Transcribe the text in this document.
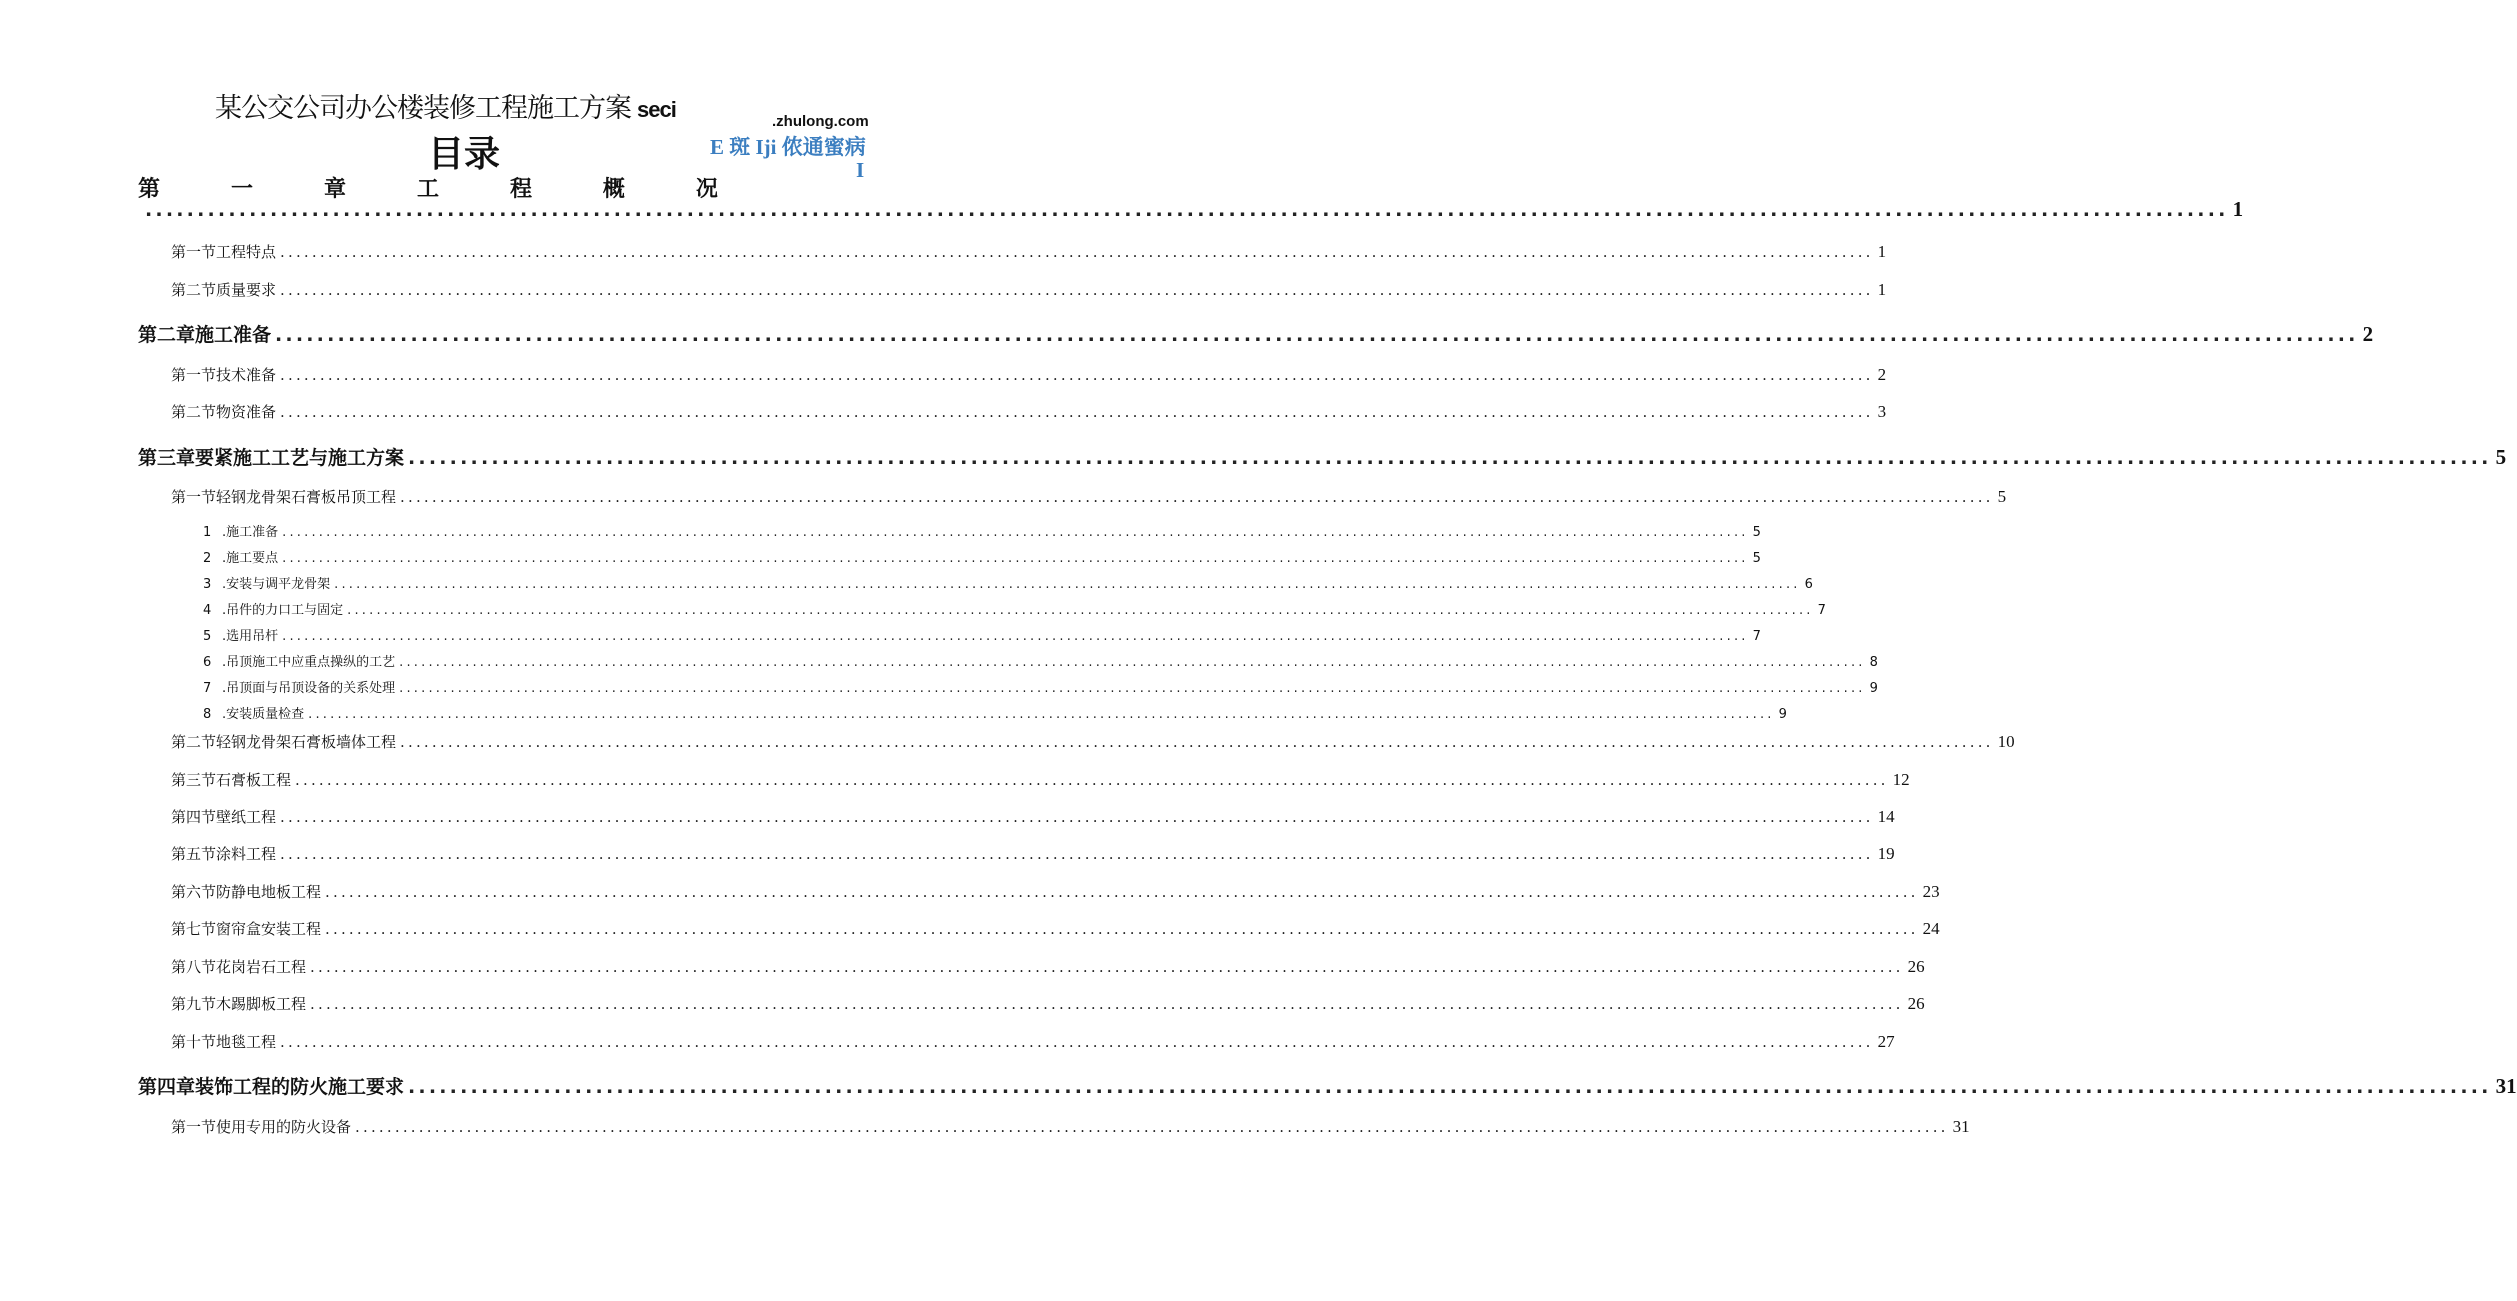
某公交公司办公楼装修工程施工方案 seci
目录
.zhulong.com
E 斑 Iji 侬通蜜病
I
第	一	章	工	程	概	况
........................................................................................................................................................................................................ 1
第一节工程特点 ........................................................................................................................................................................................................ 1
第二节质量要求 ........................................................................................................................................................................................................ 1
第二章施工准备 ........................................................................................................................................................................................................ 2
第一节技术准备 ........................................................................................................................................................................................................ 2
第二节物资准备 ........................................................................................................................................................................................................ 3
第三章要紧施工工艺与施工方案 ........................................................................................................................................................................................................ 5
第一节轻钢龙骨架石膏板吊顶工程 ........................................................................................................................................................................................................ 5
1 .施工准备 ........................................................................................................................................................................................................ 5
2 .施工要点 ........................................................................................................................................................................................................ 5
3 .安装与调平龙骨架 ........................................................................................................................................................................................................ 6
4 .吊件的力口工与固定 ........................................................................................................................................................................................................ 7
5 .选用吊杆 ........................................................................................................................................................................................................ 7
6 .吊顶施工中应重点操纵的工艺 ........................................................................................................................................................................................................ 8
7 .吊顶面与吊顶设备的关系处理 ........................................................................................................................................................................................................ 9
8 .安装质量检查 ........................................................................................................................................................................................................ 9
第二节轻钢龙骨架石膏板墙体工程 ........................................................................................................................................................................................................ 10
第三节石膏板工程 ........................................................................................................................................................................................................ 12
第四节壁纸工程 ........................................................................................................................................................................................................ 14
第五节涂料工程 ........................................................................................................................................................................................................ 19
第六节防静电地板工程 ........................................................................................................................................................................................................ 23
第七节窗帘盒安装工程 ........................................................................................................................................................................................................ 24
第八节花岗岩石工程 ........................................................................................................................................................................................................ 26
第九节木踢脚板工程 ........................................................................................................................................................................................................ 26
第十节地毯工程 ........................................................................................................................................................................................................ 27
第四章装饰工程的防火施工要求 ........................................................................................................................................................................................................ 31
第一节使用专用的防火设备 ........................................................................................................................................................................................................ 31
